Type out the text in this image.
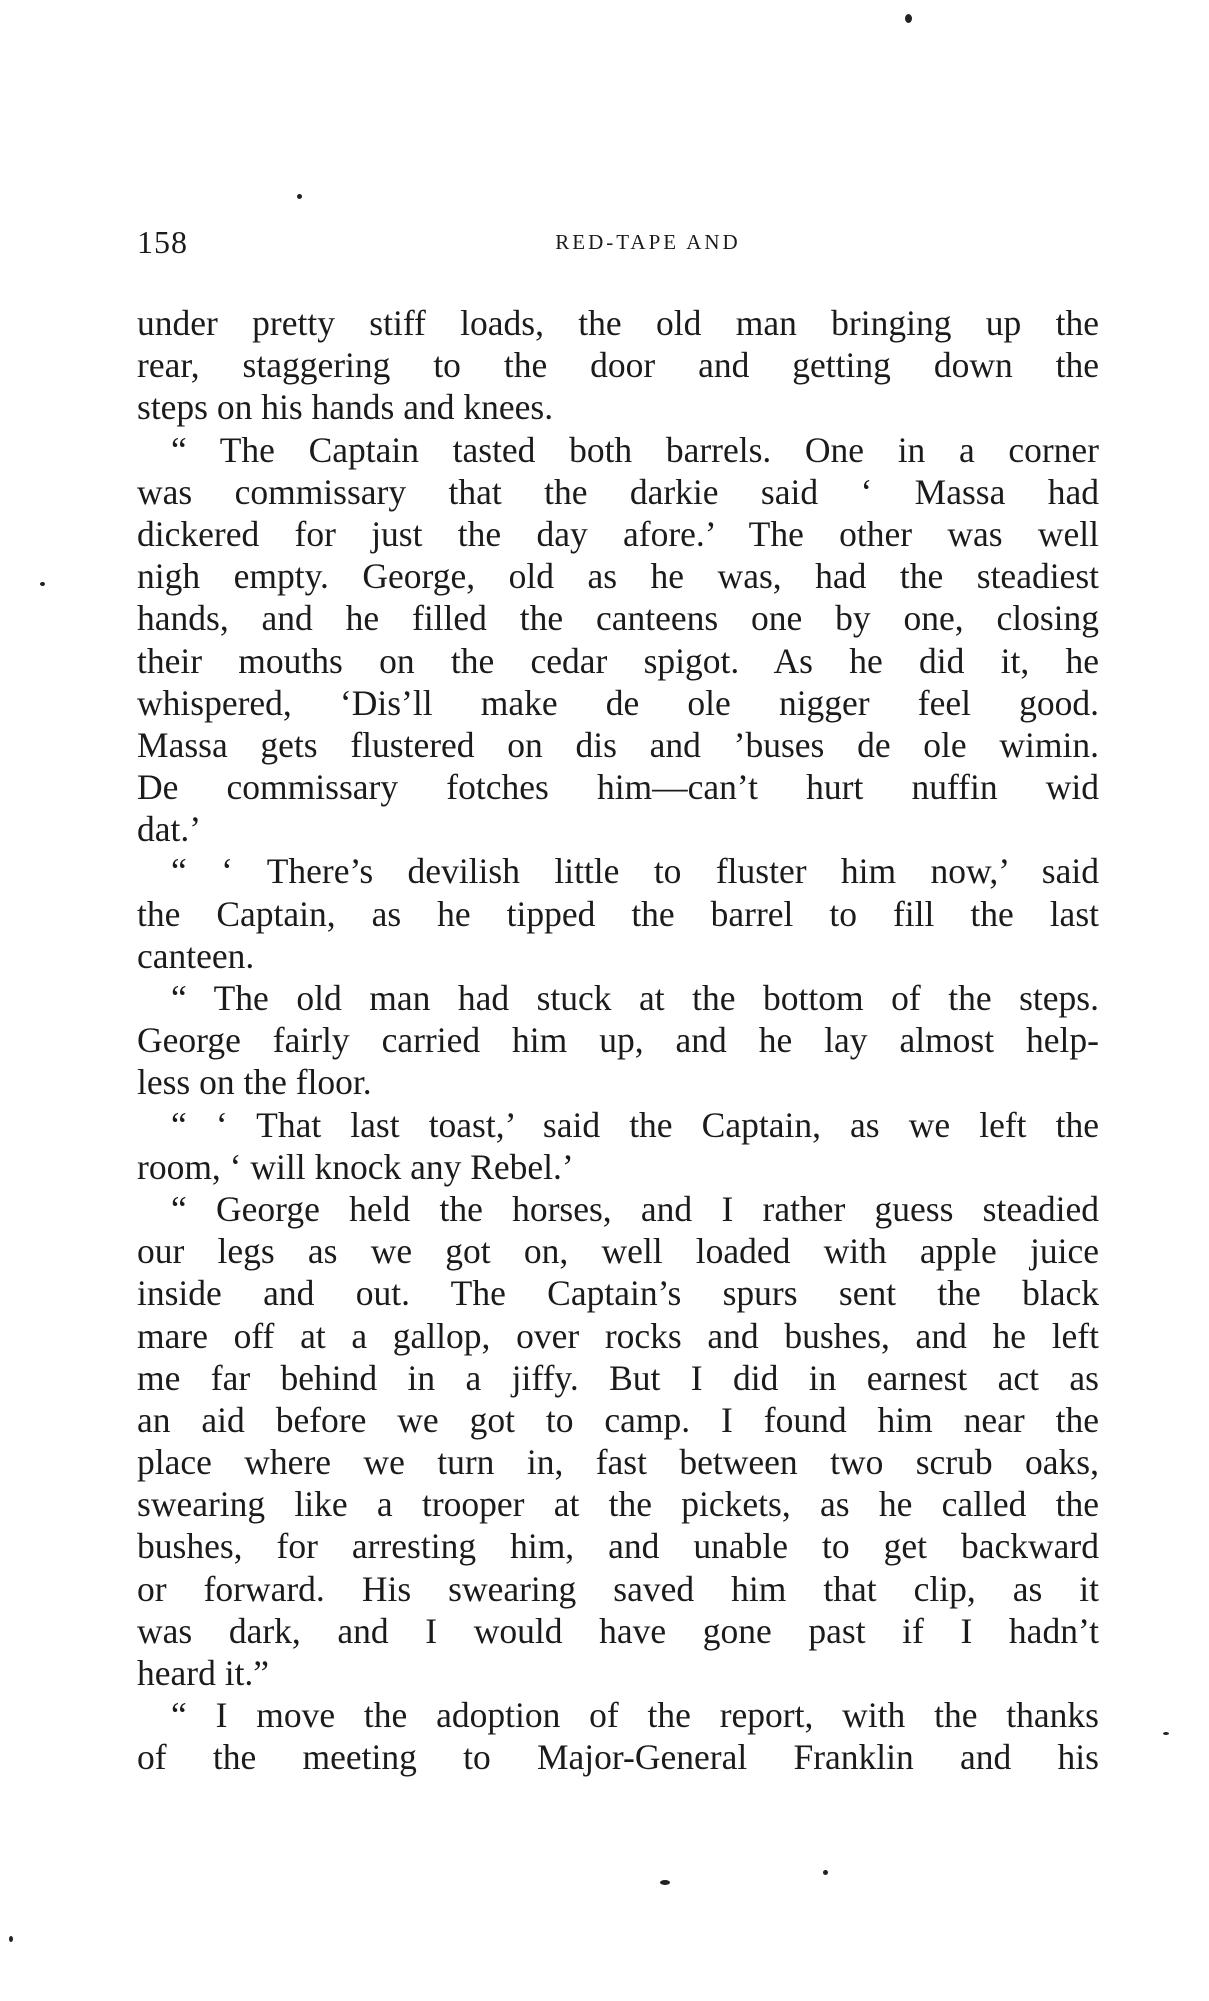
158	RED-TAPE AND
under pretty stiff loads, the old man bringing up the
rear, staggering to the door and getting down the
steps on his hands and knees.
“ The Captain tasted both barrels. One in a corner
was commissary that the darkie said ‘ Massa had
dickered for just the day afore.’ The other was well
nigh empty. George, old as he was, had the steadiest
hands, and he filled the canteens one by one, closing
their mouths on the cedar spigot. As he did it, he
whispered, ‘Dis’ll make de ole nigger feel good.
Massa gets flustered on dis and ’buses de ole wimin.
De commissary fotches him—can’t hurt nuffin wid
dat.’
“ ‘ There’s devilish little to fluster him now,’ said
the Captain, as he tipped the barrel to fill the last
canteen.
“ The old man had stuck at the bottom of the steps.
George fairly carried him up, and he lay almost help-
less on the floor.
“ ‘ That last toast,’ said the Captain, as we left the
room, ‘ will knock any Rebel.’
“ George held the horses, and I rather guess steadied
our legs as we got on, well loaded with apple juice
inside and out. The Captain’s spurs sent the black
mare off at a gallop, over rocks and bushes, and he left
me far behind in a jiffy. But I did in earnest act as
an aid before we got to camp. I found him near the
place where we turn in, fast between two scrub oaks,
swearing like a trooper at the pickets, as he called the
bushes, for arresting him, and unable to get backward
or forward. His swearing saved him that clip, as it
was dark, and I would have gone past if I hadn’t
heard it.”
“ I move the adoption of the report, with the thanks
of the meeting to Major-General Franklin and his
